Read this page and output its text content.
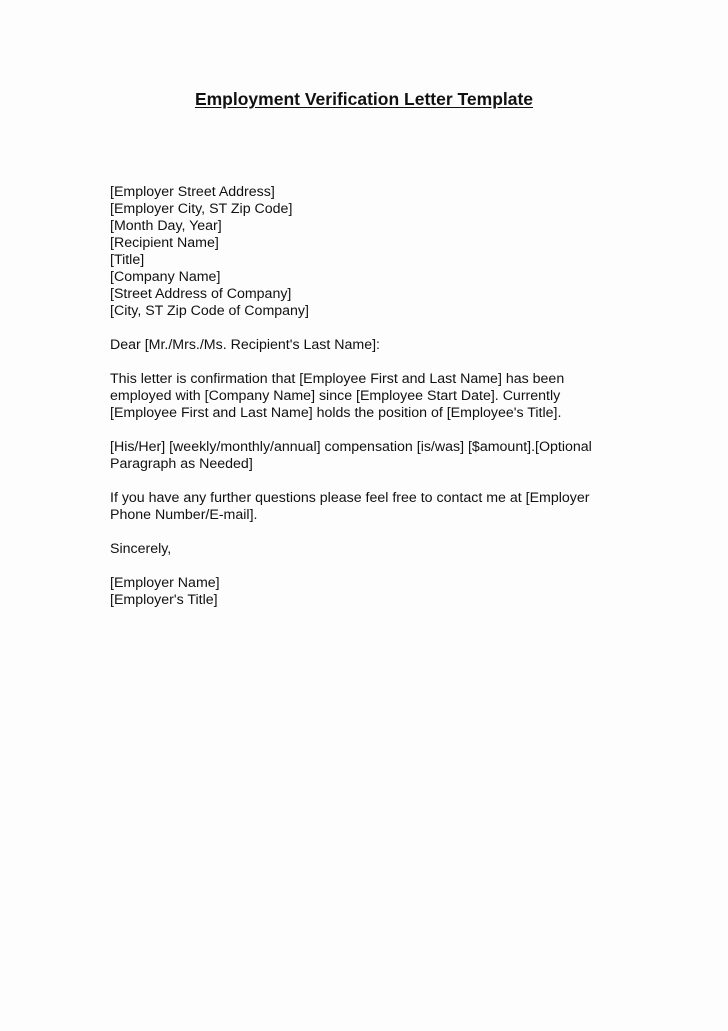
Employment Verification Letter Template
[Employer Street Address]
[Employer City, ST Zip Code]
[Month Day, Year]
[Recipient Name]
[Title]
[Company Name]
[Street Address of Company]
[City, ST Zip Code of Company]
Dear [Mr./Mrs./Ms. Recipient's Last Name]:
This letter is confirmation that [Employee First and Last Name] has been
employed with [Company Name] since [Employee Start Date]. Currently
[Employee First and Last Name] holds the position of [Employee's Title].
[His/Her] [weekly/monthly/annual] compensation [is/was] [$amount].[Optional
Paragraph as Needed]
If you have any further questions please feel free to contact me at [Employer
Phone Number/E-mail].
Sincerely,
[Employer Name]
[Employer's Title]
